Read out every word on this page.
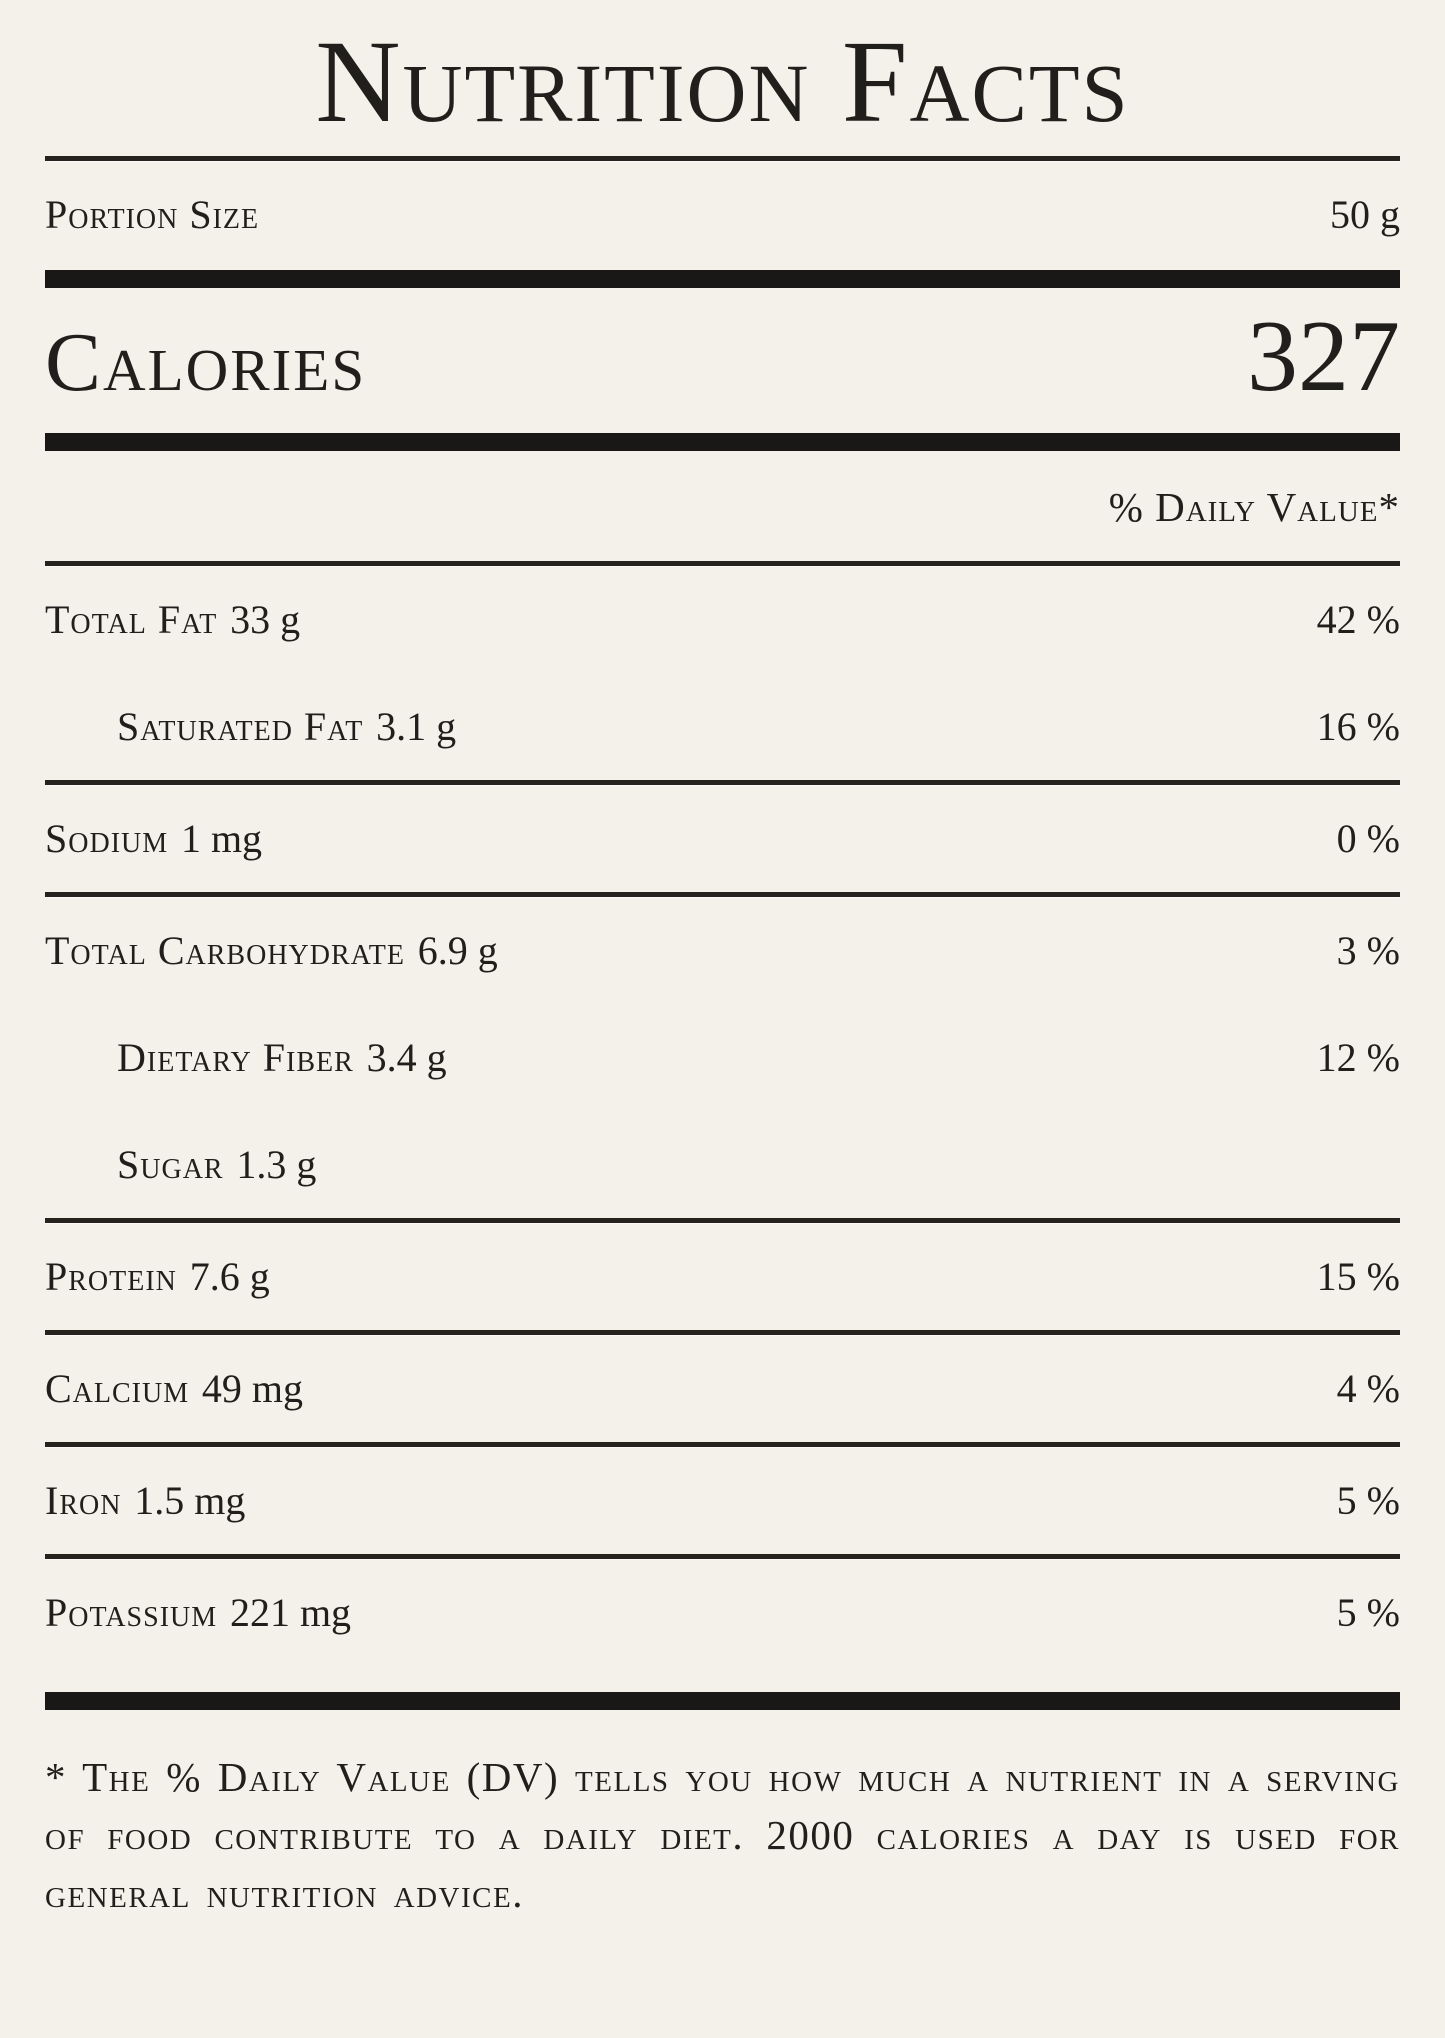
Nutrition Facts
Portion Size	50 g
Calories	327
% Daily Value*
Total Fat 33 g	42 %
Saturated Fat 3.1 g	16 %
Sodium 1 mg	0 %
Total Carbohydrate 6.9 g	3 %
Dietary Fiber 3.4 g	12 %
Sugar 1.3 g
Protein 7.6 g	15 %
Calcium 49 mg	4 %
Iron 1.5 mg	5 %
Potassium 221 mg	5 %

* The % Daily Value (DV) tells you how much a nutrient in a serving of food contribute to a daily diet. 2000 calories a day is used for general nutrition advice.
